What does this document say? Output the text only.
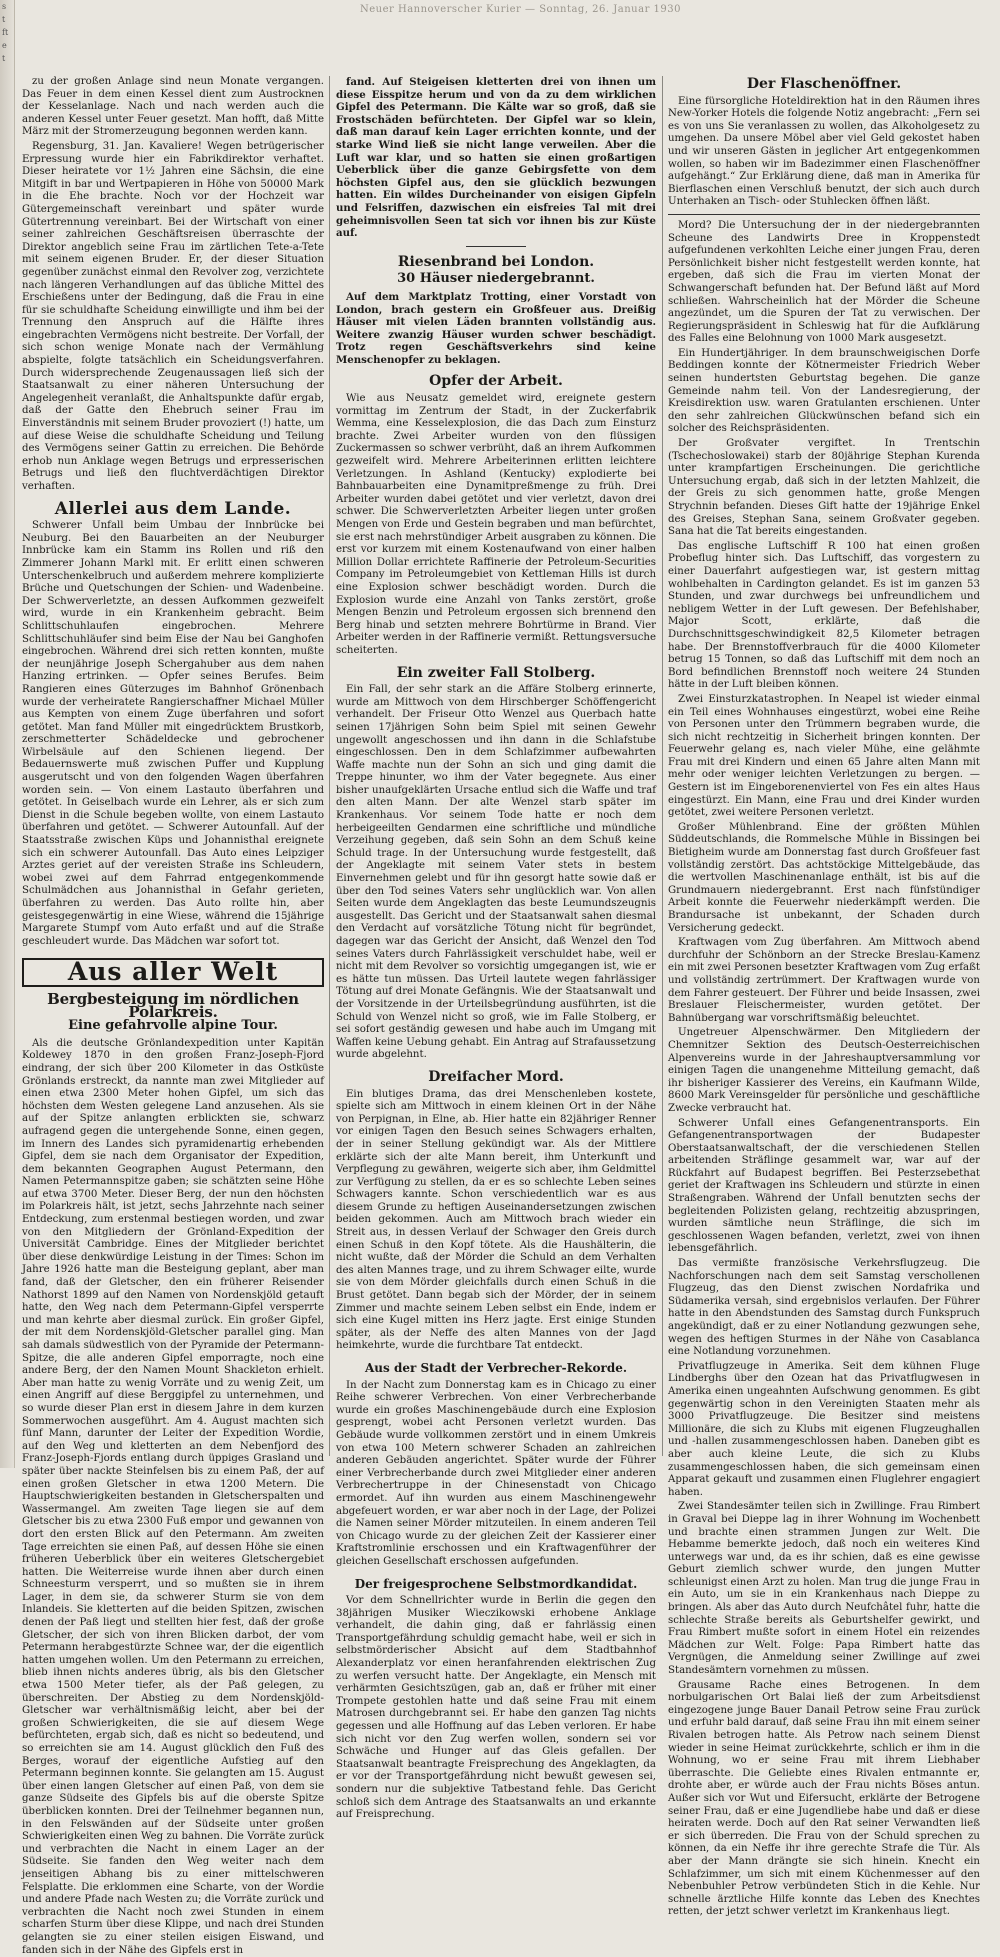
s
t
ft
e
t
Neuer Hannoverscher Kurier — Sonntag, 26. Januar 1930

zu der großen Anlage sind neun Monate vergangen. Das Feuer in dem einen Kessel dient zum Austrocknen der Kesselanlage. Nach und nach werden auch die anderen Kessel unter Feuer gesetzt. Man hofft, daß Mitte März mit der Stromerzeugung begonnen werden kann.

Regensburg, 31. Jan. Kavaliere! Wegen betrügerischer Erpressung wurde hier ein Fabrikdirektor verhaftet. Dieser heiratete vor 1½ Jahren eine Sächsin, die eine Mitgift in bar und Wertpapieren in Höhe von 50000 Mark in die Ehe brachte. Noch vor der Hochzeit war Gütergemeinschaft vereinbart und später wurde Gütertrennung vereinbart. Bei der Wirtschaft von einer seiner zahlreichen Geschäftsreisen überraschte der Direktor angeblich seine Frau im zärtlichen Tete-a-Tete mit seinem eigenen Bruder. Er, der dieser Situation gegenüber zunächst einmal den Revolver zog, verzichtete nach längeren Verhandlungen auf das übliche Mittel des Erschießens unter der Bedingung, daß die Frau in eine für sie schuldhafte Scheidung einwilligte und ihm bei der Trennung den Anspruch auf die Hälfte ihres eingebrachten Vermögens nicht bestreite. Der Vorfall, der sich schon wenige Monate nach der Vermählung abspielte, folgte tatsächlich ein Scheidungsverfahren. Durch widersprechende Zeugenaussagen ließ sich der Staatsanwalt zu einer näheren Untersuchung der Angelegenheit veranlaßt, die Anhaltspunkte dafür ergab, daß der Gatte den Ehebruch seiner Frau im Einverständnis mit seinem Bruder provoziert (!) hatte, um auf diese Weise die schuldhafte Scheidung und Teilung des Vermögens seiner Gattin zu erreichen. Die Behörde erhob nun Anklage wegen Betrugs und erpresserischen Betrugs und ließ den fluchtverdächtigen Direktor verhaften.

Allerlei aus dem Lande.

Schwerer Unfall beim Umbau der Innbrücke bei Neuburg. Bei den Bauarbeiten an der Neuburger Innbrücke kam ein Stamm ins Rollen und riß den Zimmerer Johann Markl mit. Er erlitt einen schweren Unterschenkelbruch und außerdem mehrere komplizierte Brüche und Quetschungen der Schien- und Wadenbeine. Der Schwerverletzte, an dessen Aufkommen gezweifelt wird, wurde in ein Krankenheim gebracht. Beim Schlittschuhlaufen eingebrochen. Mehrere Schlittschuhläufer sind beim Eise der Nau bei Ganghofen eingebrochen. Während drei sich retten konnten, mußte der neunjährige Joseph Schergahuber aus dem nahen Hanzing ertrinken. — Opfer seines Berufes. Beim Rangieren eines Güterzuges im Bahnhof Grönenbach wurde der verheiratete Rangierschaffner Michael Müller aus Kempten von einem Zuge überfahren und sofort getötet. Man fand Müller mit eingedrücktem Brustkorb, zerschmetterter Schädeldecke und gebrochener Wirbelsäule auf den Schienen liegend. Der Bedauernswerte muß zwischen Puffer und Kupplung ausgerutscht und von den folgenden Wagen überfahren worden sein. — Von einem Lastauto überfahren und getötet. In Geiselbach wurde ein Lehrer, als er sich zum Dienst in die Schule begeben wollte, von einem Lastauto überfahren und getötet. — Schwerer Autounfall. Auf der Staatsstraße zwischen Küps und Johannisthal ereignete sich ein schwerer Autounfall. Das Auto eines Leipziger Arztes geriet auf der vereisten Straße ins Schleudern, wobei zwei auf dem Fahrrad entgegenkommende Schulmädchen aus Johannisthal in Gefahr gerieten, überfahren zu werden. Das Auto rollte hin, aber geistesgegenwärtig in eine Wiese, während die 15jährige Margarete Stumpf vom Auto erfaßt und auf die Straße geschleudert wurde. Das Mädchen war sofort tot.

Aus aller Welt
Bergbesteigung im nördlichen Polarkreis.
Eine gefahrvolle alpine Tour.

Als die deutsche Grönlandexpedition unter Kapitän Koldewey 1870 in den großen Franz-Joseph-Fjord eindrang, der sich über 200 Kilometer in das Ostküste Grönlands erstreckt, da nannte man zwei Mitglieder auf einen etwa 2300 Meter hohen Gipfel, um sich das höchsten dem Westen gelegene Land anzusehen. Als sie auf der Spitze anlangten erblickten sie, schwarz aufragend gegen die untergehende Sonne, einen gegen, im Innern des Landes sich pyramidenartig erhebenden Gipfel, dem sie nach dem Organisator der Expedition, dem bekannten Geographen August Petermann, den Namen Petermannspitze gaben; sie schätzten seine Höhe auf etwa 3700 Meter. Dieser Berg, der nun den höchsten im Polarkreis hält, ist jetzt, sechs Jahrzehnte nach seiner Entdeckung, zum erstenmal bestiegen worden, und zwar von den Mitgliedern der Grönland-Expedition der Universität Cambridge. Eines der Mitglieder berichtet über diese denkwürdige Leistung in der Times: Schon im Jahre 1926 hatte man die Besteigung geplant, aber man fand, daß der Gletscher, den ein früherer Reisender Nathorst 1899 auf den Namen von Nordenskjöld getauft hatte, den Weg nach dem Petermann-Gipfel versperrte und man kehrte aber diesmal zurück. Ein großer Gipfel, der mit dem Nordenskjöld-Gletscher parallel ging. Man sah damals südwestlich von der Pyramide der Petermann-Spitze, die alle anderen Gipfel emporragte, noch eine andere Berg, der den Namen Mount Shackleton erhielt. Aber man hatte zu wenig Vorräte und zu wenig Zeit, um einen Angriff auf diese Berggipfel zu unternehmen, und so wurde dieser Plan erst in diesem Jahre in dem kurzen Sommerwochen ausgeführt. Am 4. August machten sich fünf Mann, darunter der Leiter der Expedition Wordie, auf den Weg und kletterten an dem Nebenfjord des Franz-Joseph-Fjords entlang durch üppiges Grasland und später über nackte Steinfelsen bis zu einem Paß, der auf einen großen Gletscher in etwa 1200 Metern. Die Hauptschwierigkeiten bestanden in Gletscherspalten und Wassermangel. Am zweiten Tage liegen sie auf dem Gletscher bis zu etwa 2300 Fuß empor und gewannen von dort den ersten Blick auf den Petermann. Am zweiten Tage erreichten sie einen Paß, auf dessen Höhe sie einen früheren Ueberblick über ein weiteres Gletschergebiet hatten. Die Weiterreise wurde ihnen aber durch einen Schneesturm versperrt, und so mußten sie in ihrem Lager, in dem sie, da schwerer Sturm sie von dem Inlandeis. Sie kletterten auf die beiden Spitzen, zwischen denen der Paß liegt und stellten hier fest, daß der große Gletscher, der sich von ihren Blicken darbot, der vom Petermann herabgestürzte Schnee war, der die eigentlich hatten umgehen wollen. Um den Petermann zu erreichen, blieb ihnen nichts anderes übrig, als bis den Gletscher etwa 1500 Meter tiefer, als der Paß gelegen, zu überschreiten. Der Abstieg zu dem Nordenskjöld-Gletscher war verhältnismäßig leicht, aber bei der großen Schwierigkeiten, die sie auf diesem Wege befürchteten, ergab sich, daß es nicht so bedeutend, und so erreichten sie am 14. August glücklich den Fuß des Berges, worauf der eigentliche Aufstieg auf den Petermann beginnen konnte. Sie gelangten am 15. August über einen langen Gletscher auf einen Paß, von dem sie ganze Südseite des Gipfels bis auf die oberste Spitze überblicken konnten. Drei der Teilnehmer begannen nun, in den Felswänden auf der Südseite unter großen Schwierigkeiten einen Weg zu bahnen. Die Vorräte zurück und verbrachten die Nacht in einem Lager an der Südseite. Sie fanden den Weg weiter nach dem jenseitigen Abhang bis zu einer mittelschweren Felsplatte. Die erklommen eine Scharte, von der Wordie und andere Pfade nach Westen zu; die Vorräte zurück und verbrachten die Nacht noch zwei Stunden in einem scharfen Sturm über diese Klippe, und nach drei Stunden gelangten sie zu einer steilen eisigen Eiswand, und fanden sich in der Nähe des Gipfels erst in

fand. Auf Steigeisen kletterten drei von ihnen um diese Eisspitze herum und von da zu dem wirklichen Gipfel des Petermann. Die Kälte war so groß, daß sie Frostschäden befürchteten. Der Gipfel war so klein, daß man darauf kein Lager errichten konnte, und der starke Wind ließ sie nicht lange verweilen. Aber die Luft war klar, und so hatten sie einen großartigen Ueberblick über die ganze Gebirgsfette von dem höchsten Gipfel aus, den sie glücklich bezwungen hatten. Ein wildes Durcheinander von eisigen Gipfeln und Felsriffen, dazwischen ein eisfreies Tal mit drei geheimnisvollen Seen tat sich vor ihnen bis zur Küste auf.

Riesenbrand bei London.
30 Häuser niedergebrannt.

Auf dem Marktplatz Trotting, einer Vorstadt von London, brach gestern ein Großfeuer aus. Dreißig Häuser mit vielen Läden brannten vollständig aus. Weitere zwanzig Häuser wurden schwer beschädigt. Trotz regen Geschäftsverkehrs sind keine Menschenopfer zu beklagen.

Opfer der Arbeit.

Wie aus Neusatz gemeldet wird, ereignete gestern vormittag im Zentrum der Stadt, in der Zuckerfabrik Wemma, eine Kesselexplosion, die das Dach zum Einsturz brachte. Zwei Arbeiter wurden von den flüssigen Zuckermassen so schwer verbrüht, daß an ihrem Aufkommen gezweifelt wird. Mehrere Arbeiterinnen erlitten leichtere Verletzungen. In Ashland (Kentucky) explodierte bei Bahnbauarbeiten eine Dynamitpreßmenge zu früh. Drei Arbeiter wurden dabei getötet und vier verletzt, davon drei schwer. Die Schwerverletzten Arbeiter liegen unter großen Mengen von Erde und Gestein begraben und man befürchtet, sie erst nach mehrstündiger Arbeit ausgraben zu können. Die erst vor kurzem mit einem Kostenaufwand von einer halben Million Dollar errichtete Raffinerie der Petroleum-Securities Company im Petroleumgebiet von Kettleman Hills ist durch eine Explosion schwer beschädigt worden. Durch die Explosion wurde eine Anzahl von Tanks zerstört, große Mengen Benzin und Petroleum ergossen sich brennend den Berg hinab und setzten mehrere Bohrtürme in Brand. Vier Arbeiter werden in der Raffinerie vermißt. Rettungsversuche scheiterten.

Ein zweiter Fall Stolberg.

Ein Fall, der sehr stark an die Affäre Stolberg erinnerte, wurde am Mittwoch von dem Hirschberger Schöffengericht verhandelt. Der Friseur Otto Wenzel aus Querbach hatte seinen 17jährigen Sohn beim Spiel mit seinen Gewehr ungewollt angeschossen und ihn dann in die Schlafstube eingeschlossen. Den in dem Schlafzimmer aufbewahrten Waffe machte nun der Sohn an sich und ging damit die Treppe hinunter, wo ihm der Vater begegnete. Aus einer bisher unaufgeklärten Ursache entlud sich die Waffe und traf den alten Mann. Der alte Wenzel starb später im Krankenhaus. Vor seinem Tode hatte er noch dem herbeigeeilten Gendarmen eine schriftliche und mündliche Verzeihung gegeben, daß sein Sohn an dem Schuß keine Schuld trage. In der Untersuchung wurde festgestellt, daß der Angeklagte mit seinem Vater stets in bestem Einvernehmen gelebt und für ihn gesorgt hatte sowie daß er über den Tod seines Vaters sehr unglücklich war. Von allen Seiten wurde dem Angeklagten das beste Leumundszeugnis ausgestellt. Das Gericht und der Staatsanwalt sahen diesmal den Verdacht auf vorsätzliche Tötung nicht für begründet, dagegen war das Gericht der Ansicht, daß Wenzel den Tod seines Vaters durch Fahrlässigkeit verschuldet habe, weil er nicht mit dem Revolver so vorsichtig umgegangen ist, wie er es hätte tun müssen. Das Urteil lautete wegen fahrlässiger Tötung auf drei Monate Gefängnis. Wie der Staatsanwalt und der Vorsitzende in der Urteilsbegründung ausführten, ist die Schuld von Wenzel nicht so groß, wie im Falle Stolberg, er sei sofort geständig gewesen und habe auch im Umgang mit Waffen keine Uebung gehabt. Ein Antrag auf Strafaussetzung wurde abgelehnt.

Dreifacher Mord.

Ein blutiges Drama, das drei Menschenleben kostete, spielte sich am Mittwoch in einem kleinen Ort in der Nähe von Perpignan, in Elne, ab. Hier hatte ein 82jähriger Renner vor einigen Tagen den Besuch seines Schwagers erhalten, der in seiner Stellung gekündigt war. Als der Mittlere erklärte sich der alte Mann bereit, ihm Unterkunft und Verpflegung zu gewähren, weigerte sich aber, ihm Geldmittel zur Verfügung zu stellen, da er es so schlechte Leben seines Schwagers kannte. Schon verschiedentlich war es aus diesem Grunde zu heftigen Auseinandersetzungen zwischen beiden gekommen. Auch am Mittwoch brach wieder ein Streit aus, in dessen Verlauf der Schwager den Greis durch einen Schuß in den Kopf tötete. Als die Haushälterin, die nicht wußte, daß der Mörder die Schuld an dem Verhalten des alten Mannes trage, und zu ihrem Schwager eilte, wurde sie von dem Mörder gleichfalls durch einen Schuß in die Brust getötet. Dann begab sich der Mörder, der in seinem Zimmer und machte seinem Leben selbst ein Ende, indem er sich eine Kugel mitten ins Herz jagte. Erst einige Stunden später, als der Neffe des alten Mannes von der Jagd heimkehrte, wurde die furchtbare Tat entdeckt.

Aus der Stadt der Verbrecher-Rekorde.

In der Nacht zum Donnerstag kam es in Chicago zu einer Reihe schwerer Verbrechen. Von einer Verbrecherbande wurde ein großes Maschinengebäude durch eine Explosion gesprengt, wobei acht Personen verletzt wurden. Das Gebäude wurde vollkommen zerstört und in einem Umkreis von etwa 100 Metern schwerer Schaden an zahlreichen anderen Gebäuden angerichtet. Später wurde der Führer einer Verbrecherbande durch zwei Mitglieder einer anderen Verbrechertruppe in der Chinesenstadt von Chicago ermordet. Auf ihn wurden aus einem Maschinengewehr abgefeuert worden, er war aber noch in der Lage, der Polizei die Namen seiner Mörder mitzuteilen. In einem anderen Teil von Chicago wurde zu der gleichen Zeit der Kassierer einer Kraftstromlinie erschossen und ein Kraftwagenführer der gleichen Gesellschaft erschossen aufgefunden.

Der freigesprochene Selbstmordkandidat.

Vor dem Schnellrichter wurde in Berlin die gegen den 38jährigen Musiker Wieczikowski erhobene Anklage verhandelt, die dahin ging, daß er fahrlässig einen Transportgefährdung schuldig gemacht habe, weil er sich in selbstmörderischer Absicht auf dem Stadtbahnhof Alexanderplatz vor einen heranfahrenden elektrischen Zug zu werfen versucht hatte. Der Angeklagte, ein Mensch mit verhärmten Gesichtszügen, gab an, daß er früher mit einer Trompete gestohlen hatte und daß seine Frau mit einem Matrosen durchgebrannt sei. Er habe den ganzen Tag nichts gegessen und alle Hoffnung auf das Leben verloren. Er habe sich nicht vor den Zug werfen wollen, sondern sei vor Schwäche und Hunger auf das Gleis gefallen. Der Staatsanwalt beantragte Freisprechung des Angeklagten, da er vor der Transportgefährdung nicht bewußt gewesen sei, sondern nur die subjektive Tatbestand fehle. Das Gericht schloß sich dem Antrage des Staatsanwalts an und erkannte auf Freisprechung.

Der Flaschenöffner.

Eine fürsorgliche Hoteldirektion hat in den Räumen ihres New-Yorker Hotels die folgende Notiz angebracht: „Fern sei es von uns Sie veranlassen zu wollen, das Alkoholgesetz zu umgehen. Da unsere Möbel aber viel Geld gekostet haben und wir unseren Gästen in jeglicher Art entgegenkommen wollen, so haben wir im Badezimmer einen Flaschenöffner aufgehängt.“ Zur Erklärung diene, daß man in Amerika für Bierflaschen einen Verschluß benutzt, der sich auch durch Unterhaken an Tisch- oder Stuhlecken öffnen läßt.

Mord? Die Untersuchung der in der niedergebrannten Scheune des Landwirts Dree in Kroppenstedt aufgefundenen verkohlten Leiche einer jungen Frau, deren Persönlichkeit bisher nicht festgestellt werden konnte, hat ergeben, daß sich die Frau im vierten Monat der Schwangerschaft befunden hat. Der Befund läßt auf Mord schließen. Wahrscheinlich hat der Mörder die Scheune angezündet, um die Spuren der Tat zu verwischen. Der Regierungspräsident in Schleswig hat für die Aufklärung des Falles eine Belohnung von 1000 Mark ausgesetzt.

Ein Hundertjähriger. In dem braunschweigischen Dorfe Beddingen konnte der Kötnermeister Friedrich Weber seinen hundertsten Geburtstag begehen. Die ganze Gemeinde nahm teil. Von der Landesregierung, der Kreisdirektion usw. waren Gratulanten erschienen. Unter den sehr zahlreichen Glückwünschen befand sich ein solcher des Reichspräsidenten.

Der Großvater vergiftet. In Trentschin (Tschechoslowakei) starb der 80jährige Stephan Kurenda unter krampfartigen Erscheinungen. Die gerichtliche Untersuchung ergab, daß sich in der letzten Mahlzeit, die der Greis zu sich genommen hatte, große Mengen Strychnin befanden. Dieses Gift hatte der 19jährige Enkel des Greises, Stephan Sana, seinem Großvater gegeben. Sana hat die Tat bereits eingestanden.

Das englische Luftschiff R 100 hat einen großen Probeflug hinter sich. Das Luftschiff, das vorgestern zu einer Dauerfahrt aufgestiegen war, ist gestern mittag wohlbehalten in Cardington gelandet. Es ist im ganzen 53 Stunden, und zwar durchwegs bei unfreundlichem und nebligem Wetter in der Luft gewesen. Der Befehlshaber, Major Scott, erklärte, daß die Durchschnittsgeschwindigkeit 82,5 Kilometer betragen habe. Der Brennstoffverbrauch für die 4000 Kilometer betrug 15 Tonnen, so daß das Luftschiff mit dem noch an Bord befindlichen Brennstoff noch weitere 24 Stunden hätte in der Luft bleiben können.

Zwei Einsturzkatastrophen. In Neapel ist wieder einmal ein Teil eines Wohnhauses eingestürzt, wobei eine Reihe von Personen unter den Trümmern begraben wurde, die sich nicht rechtzeitig in Sicherheit bringen konnten. Der Feuerwehr gelang es, nach vieler Mühe, eine gelähmte Frau mit drei Kindern und einen 65 Jahre alten Mann mit mehr oder weniger leichten Verletzungen zu bergen. — Gestern ist im Eingeborenenviertel von Fes ein altes Haus eingestürzt. Ein Mann, eine Frau und drei Kinder wurden getötet, zwei weitere Personen verletzt.

Großer Mühlenbrand. Eine der größten Mühlen Süddeutschlands, die Rommelsche Mühle in Bissingen bei Bietigheim wurde am Donnerstag fast durch Großfeuer fast vollständig zerstört. Das achtstöckige Mittelgebäude, das die wertvollen Maschinenanlage enthält, ist bis auf die Grundmauern niedergebrannt. Erst nach fünfstündiger Arbeit konnte die Feuerwehr niederkämpft werden. Die Brandursache ist unbekannt, der Schaden durch Versicherung gedeckt.

Kraftwagen vom Zug überfahren. Am Mittwoch abend durchfuhr der Schönborn an der Strecke Breslau-Kamenz ein mit zwei Personen besetzter Kraftwagen vom Zug erfaßt und vollständig zertrümmert. Der Kraftwagen wurde von dem Fahrer gesteuert. Der Führer und beide Insassen, zwei Breslauer Fleischermeister, wurden getötet. Der Bahnübergang war vorschriftsmäßig beleuchtet.

Ungetreuer Alpenschwärmer. Den Mitgliedern der Chemnitzer Sektion des Deutsch-Oesterreichischen Alpenvereins wurde in der Jahreshauptversammlung vor einigen Tagen die unangenehme Mitteilung gemacht, daß ihr bisheriger Kassierer des Vereins, ein Kaufmann Wilde, 8600 Mark Vereinsgelder für persönliche und geschäftliche Zwecke verbraucht hat.

Schwerer Unfall eines Gefangenentransports. Ein Gefangenentransportwagen der Budapester Oberstaatsanwaltschaft, der die verschiedenen Stellen arbeitenden Sträflinge gesammelt war, war auf der Rückfahrt auf Budapest begriffen. Bei Pesterzsebethat geriet der Kraftwagen ins Schleudern und stürzte in einen Straßengraben. Während der Unfall benutzten sechs der begleitenden Polizisten gelang, rechtzeitig abzuspringen, wurden sämtliche neun Sträflinge, die sich im geschlossenen Wagen befanden, verletzt, zwei von ihnen lebensgefährlich.

Das vermißte französische Verkehrsflugzeug. Die Nachforschungen nach dem seit Samstag verschollenen Flugzeug, das den Dienst zwischen Nordafrika und Südamerika versah, sind ergebnislos verlaufen. Der Führer hatte in den Abendstunden des Samstag durch Funkspruch angekündigt, daß er zu einer Notlandung gezwungen sehe, wegen des heftigen Sturmes in der Nähe von Casablanca eine Notlandung vorzunehmen.

Privatflugzeuge in Amerika. Seit dem kühnen Fluge Lindberghs über den Ozean hat das Privatflugwesen in Amerika einen ungeahnten Aufschwung genommen. Es gibt gegenwärtig schon in den Vereinigten Staaten mehr als 3000 Privatflugzeuge. Die Besitzer sind meistens Millionäre, die sich zu Klubs mit eigenen Flugzeughallen und -hallen zusammengeschlossen haben. Daneben gibt es aber auch kleine Leute, die sich zu Klubs zusammengeschlossen haben, die sich gemeinsam einen Apparat gekauft und zusammen einen Fluglehrer engagiert haben.

Zwei Standesämter teilen sich in Zwillinge. Frau Rimbert in Graval bei Dieppe lag in ihrer Wohnung im Wochenbett und brachte einen strammen Jungen zur Welt. Die Hebamme bemerkte jedoch, daß noch ein weiteres Kind unterwegs war und, da es ihr schien, daß es eine gewisse Geburt ziemlich schwer wurde, den jungen Mutter schleunigst einen Arzt zu holen. Man trug die junge Frau in ein Auto, um sie in ein Krankenhaus nach Dieppe zu bringen. Als aber das Auto durch Neufchâtel fuhr, hatte die schlechte Straße bereits als Geburtshelfer gewirkt, und Frau Rimbert mußte sofort in einem Hotel ein reizendes Mädchen zur Welt. Folge: Papa Rimbert hatte das Vergnügen, die Anmeldung seiner Zwillinge auf zwei Standesämtern vornehmen zu müssen.

Grausame Rache eines Betrogenen. In dem norbulgarischen Ort Balai ließ der zum Arbeitsdienst eingezogene junge Bauer Danail Petrow seine Frau zurück und erfuhr bald darauf, daß seine Frau ihn mit einem seiner Rivalen betrogen hatte. Als Petrow nach seinem Dienst wieder in seine Heimat zurückkehrte, schlich er ihm in die Wohnung, wo er seine Frau mit ihrem Liebhaber überraschte. Die Geliebte eines Rivalen entmannte er, drohte aber, er würde auch der Frau nichts Böses antun. Außer sich vor Wut und Eifersucht, erklärte der Betrogene seiner Frau, daß er eine Jugendliebe habe und daß er diese heiraten werde. Doch auf den Rat seiner Verwandten ließ er sich überreden. Die Frau von der Schuld sprechen zu können, da ein Neffe ihr ihre gerechte Strafe die Tür. Als aber der Mann drängte sie sich hinein. Knecht ein Schlafzimmer, um sich mit einem Küchenmesser auf den Nebenbuhler Petrow verbündeten Stich in die Kehle. Nur schnelle ärztliche Hilfe konnte das Leben des Knechtes retten, der jetzt schwer verletzt im Krankenhaus liegt.
